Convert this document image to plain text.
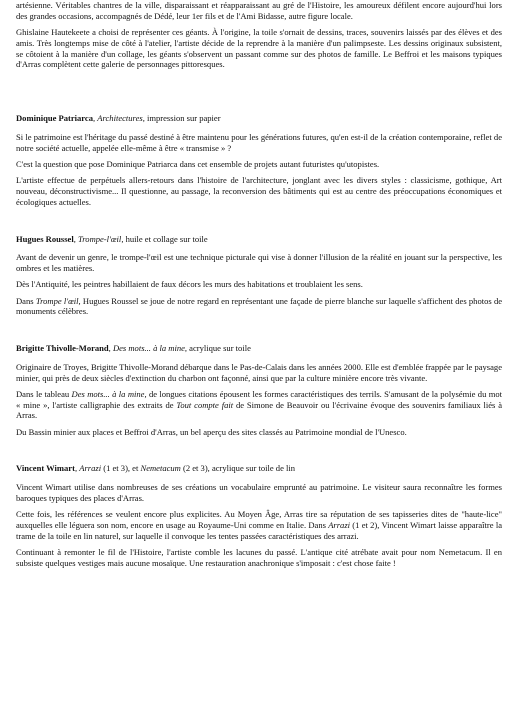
artésienne. Véritables chantres de la ville, disparaissant et réapparaissant au gré de l'Histoire, les amoureux défilent encore aujourd'hui lors des grandes occasions, accompagnés de Dédé, leur 1er fils et de l'Ami Bidasse, autre figure locale.

Ghislaine Hautekeete a choisi de représenter ces géants. À l'origine, la toile s'ornait de dessins, traces, souvenirs laissés par des élèves et des amis. Très longtemps mise de côté à l'atelier, l'artiste décide de la reprendre à la manière d'un palimpseste. Les dessins originaux subsistent, se côtoient à la manière d'un collage, les géants s'observent un passant comme sur des photos de famille. Le Beffroi et les maisons typiques d'Arras complètent cette galerie de personnages pittoresques.

Dominique Patriarca, Architectures, impression sur papier

Si le patrimoine est l'héritage du passé destiné à être maintenu pour les générations futures, qu'en est-il de la création contemporaine, reflet de notre société actuelle, appelée elle-même à être « transmise » ?

C'est la question que pose Dominique Patriarca dans cet ensemble de projets autant futuristes qu'utopistes.

L'artiste effectue de perpétuels allers-retours dans l'histoire de l'architecture, jonglant avec les divers styles : classicisme, gothique, Art nouveau, déconstructivisme... Il questionne, au passage, la reconversion des bâtiments qui est au centre des préoccupations économiques et écologiques actuelles.

Hugues Roussel, Trompe-l'œil, huile et collage sur toile

Avant de devenir un genre, le trompe-l'œil est une technique picturale qui vise à donner l'illusion de la réalité en jouant sur la perspective, les ombres et les matières.

Dès l'Antiquité, les peintres habillaient de faux décors les murs des habitations et troublaient les sens.

Dans Trompe l'œil, Hugues Roussel se joue de notre regard en représentant une façade de pierre blanche sur laquelle s'affichent des photos de monuments célèbres.

Brigitte Thivolle-Morand, Des mots... à la mine, acrylique sur toile

Originaire de Troyes, Brigitte Thivolle-Morand débarque dans le Pas-de-Calais dans les années 2000. Elle est d'emblée frappée par le paysage minier, qui près de deux siècles d'extinction du charbon ont façonné, ainsi que par la culture minière encore très vivante.

Dans le tableau Des mots... à la mine, de longues citations épousent les formes caractéristiques des terrils. S'amusant de la polysémie du mot « mine », l'artiste calligraphie des extraits de Tout compte fait de Simone de Beauvoir ou l'écrivaine évoque des souvenirs familiaux liés à Arras.

Du Bassin minier aux places et Beffroi d'Arras, un bel aperçu des sites classés au Patrimoine mondial de l'Unesco.

Vincent Wimart, Arrazi (1 et 3), et Nemetacum (2 et 3), acrylique sur toile de lin

Vincent Wimart utilise dans nombreuses de ses créations un vocabulaire emprunté au patrimoine. Le visiteur saura reconnaître les formes baroques typiques des places d'Arras.

Cette fois, les références se veulent encore plus explicites. Au Moyen Âge, Arras tire sa réputation de ses tapisseries dites de "haute-lice" auxquelles elle léguera son nom, encore en usage au Royaume-Uni comme en Italie. Dans Arrazi (1 et 2), Vincent Wimart laisse apparaître la trame de la toile en lin naturel, sur laquelle il convoque les tentes passées caractéristiques des arrazi.

Continuant à remonter le fil de l'Histoire, l'artiste comble les lacunes du passé. L'antique cité atrébate avait pour nom Nemetacum. Il en subsiste quelques vestiges mais aucune mosaïque. Une restauration anachronique s'imposait : c'est chose faite !
